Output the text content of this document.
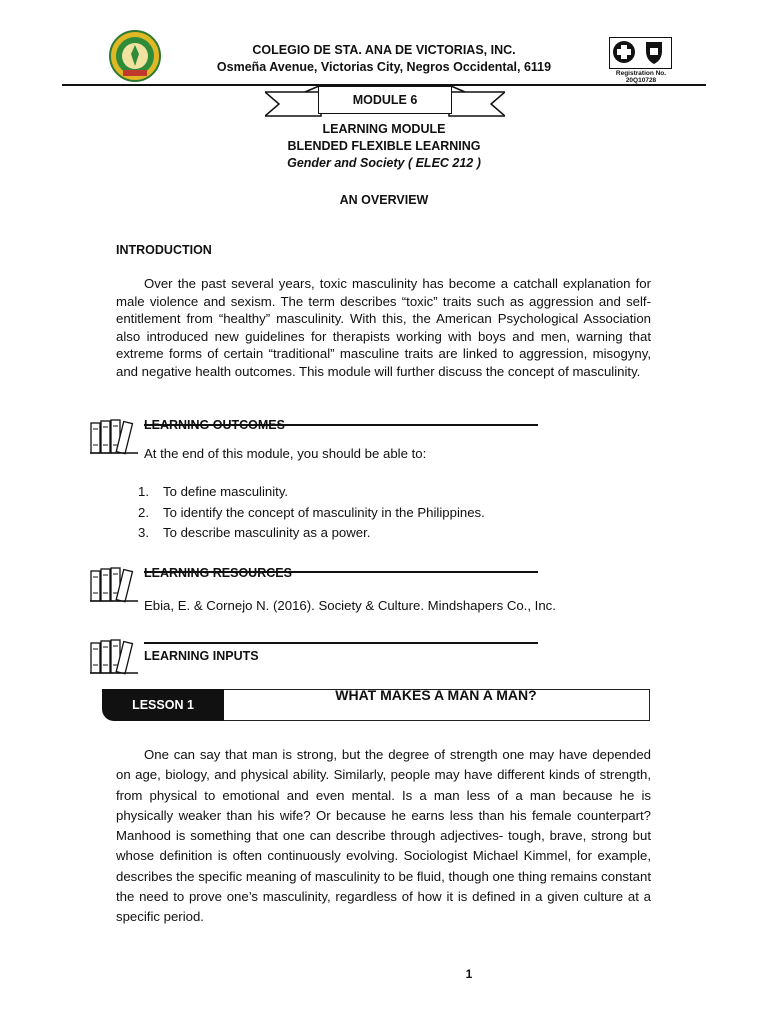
COLEGIO DE STA. ANA DE VICTORIAS, INC.
Osmeña Avenue, Victorias City, Negros Occidental, 6119	Registration No. 20Q10728
MODULE 6
LEARNING MODULE
BLENDED FLEXIBLE LEARNING
Gender and Society ( ELEC 212 )
AN OVERVIEW
INTRODUCTION
Over the past several years, toxic masculinity has become a catchall explanation for male violence and sexism. The term describes “toxic” traits such as aggression and self-entitlement from “healthy” masculinity. With this, the American Psychological Association also introduced new guidelines for therapists working with boys and men, warning that extreme forms of certain “traditional” masculine traits are linked to aggression, misogyny, and negative health outcomes. This module will further discuss the concept of masculinity.
LEARNING OUTCOMES
At the end of this module, you should be able to:
1. To define masculinity.
2. To identify the concept of masculinity in the Philippines.
3. To describe masculinity as a power.
LEARNING RESOURCES
Ebia, E. & Cornejo N. (2016). Society & Culture. Mindshapers Co., Inc.
LEARNING INPUTS
WHAT MAKES A MAN A MAN?
LESSON 1
One can say that man is strong, but the degree of strength one may have depended on age, biology, and physical ability. Similarly, people may have different kinds of strength, from physical to emotional and even mental. Is a man less of a man because he is physically weaker than his wife? Or because he earns less than his female counterpart? Manhood is something that one can describe through adjectives- tough, brave, strong but whose definition is often continuously evolving. Sociologist Michael Kimmel, for example, describes the specific meaning of masculinity to be fluid, though one thing remains constant the need to prove one’s masculinity, regardless of how it is defined in a given culture at a specific period.
1
